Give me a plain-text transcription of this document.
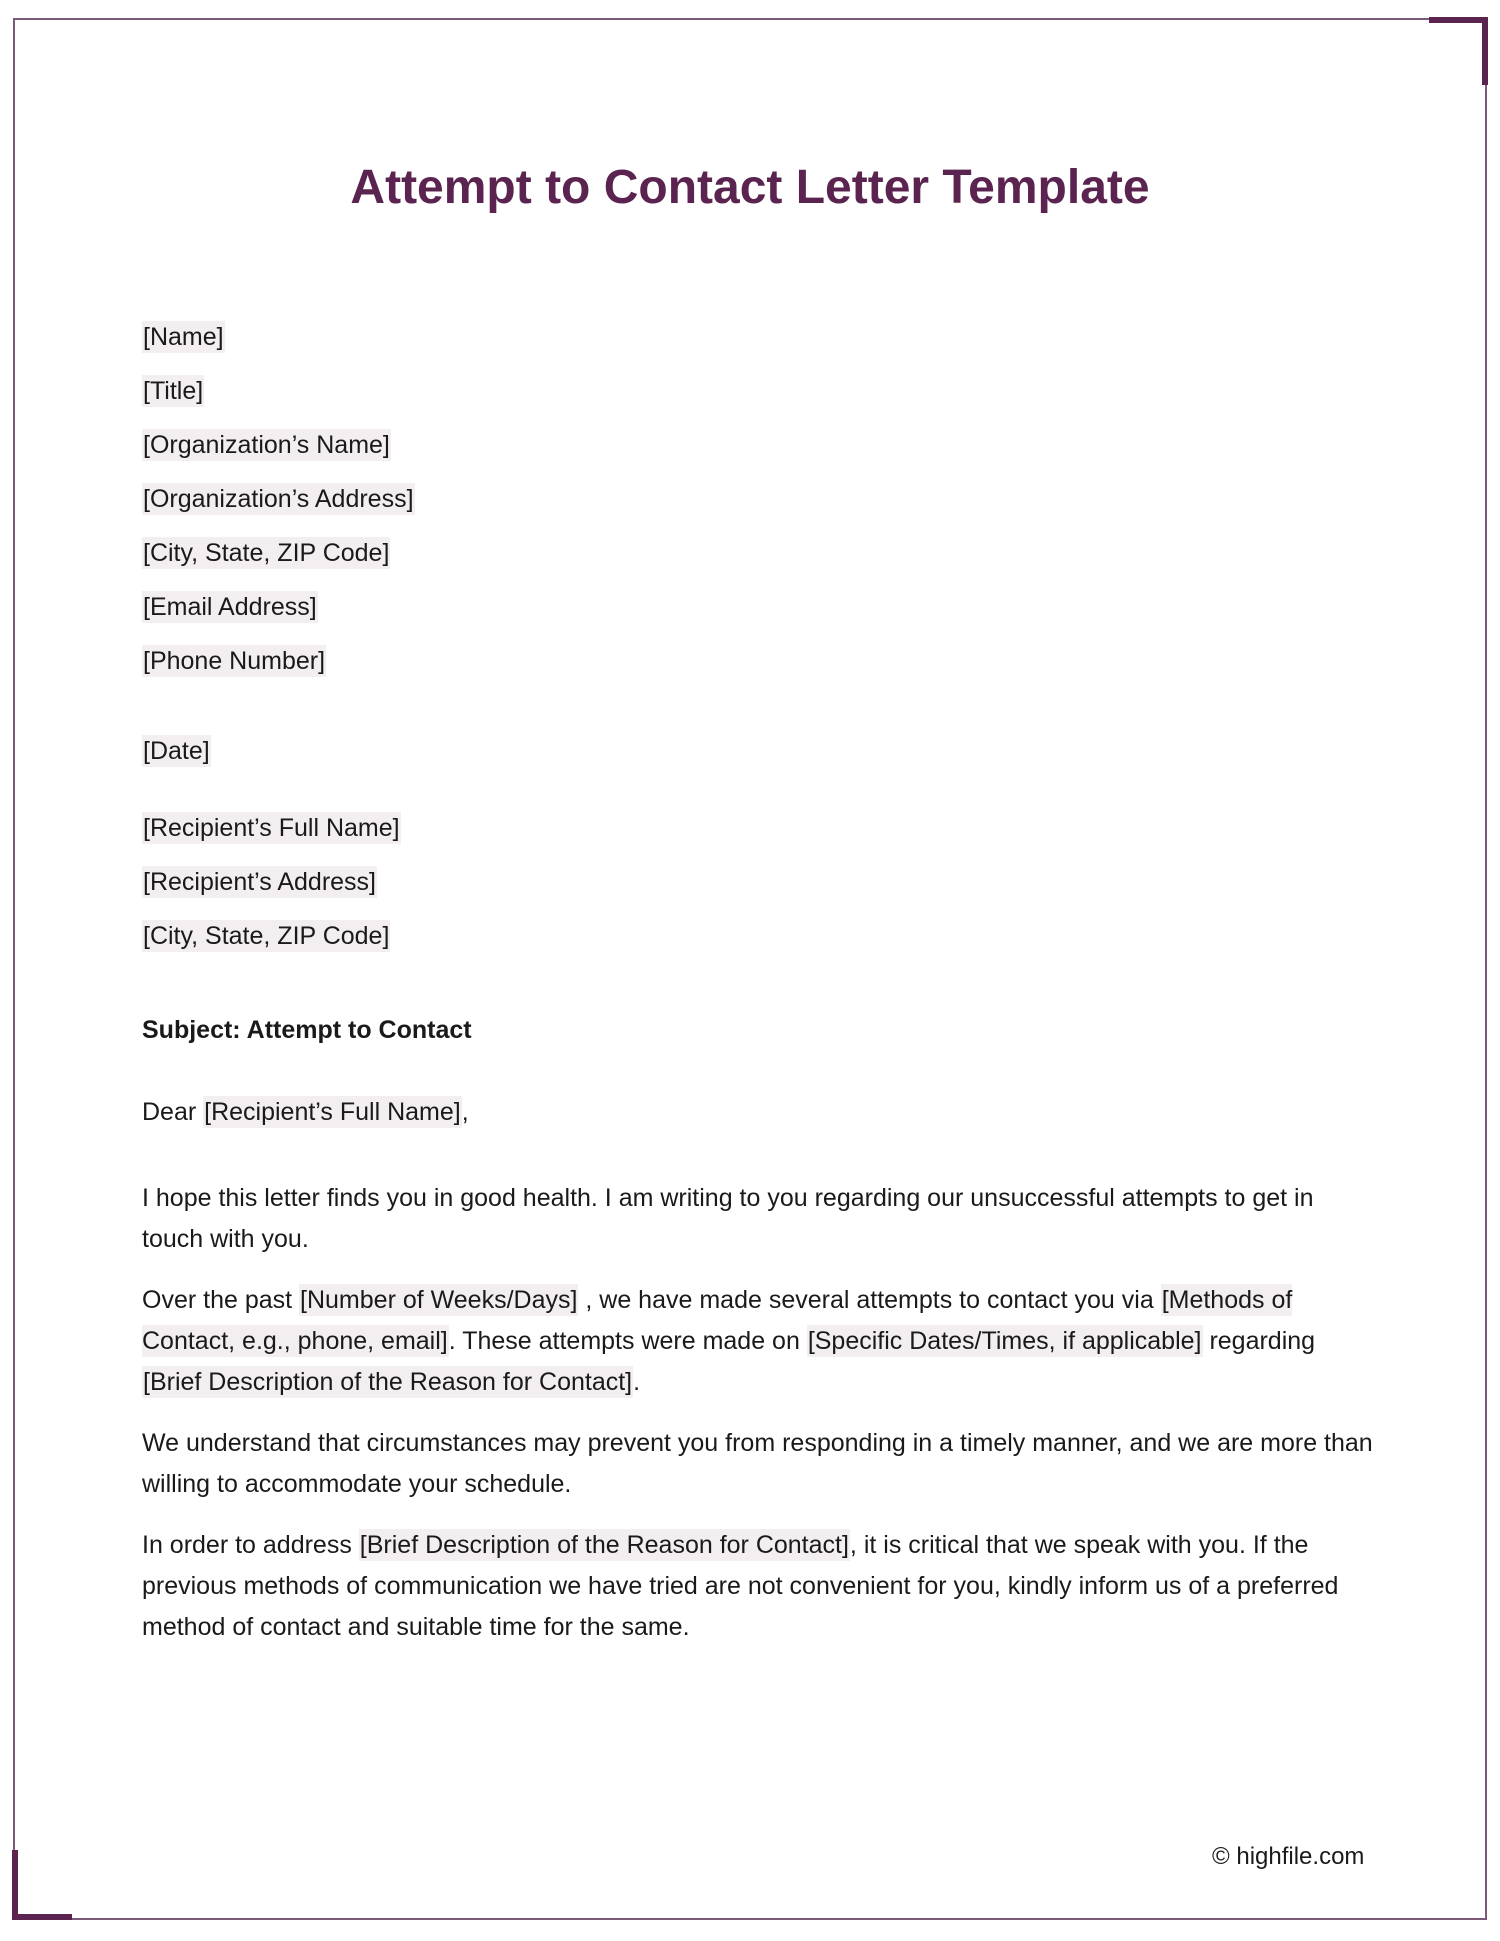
Attempt to Contact Letter Template
[Name]
[Title]
[Organization’s Name]
[Organization’s Address]
[City, State, ZIP Code]
[Email Address]
[Phone Number]
[Date]
[Recipient’s Full Name]
[Recipient’s Address]
[City, State, ZIP Code]
Subject: Attempt to Contact
Dear [Recipient’s Full Name],
I hope this letter finds you in good health. I am writing to you regarding our unsuccessful attempts to get in touch with you.
Over the past [Number of Weeks/Days] , we have made several attempts to contact you via [Methods of Contact, e.g., phone, email]. These attempts were made on [Specific Dates/Times, if applicable] regarding [Brief Description of the Reason for Contact].
We understand that circumstances may prevent you from responding in a timely manner, and we are more than willing to accommodate your schedule.
In order to address [Brief Description of the Reason for Contact], it is critical that we speak with you. If the previous methods of communication we have tried are not convenient for you, kindly inform us of a preferred method of contact and suitable time for the same.
© highfile.com
